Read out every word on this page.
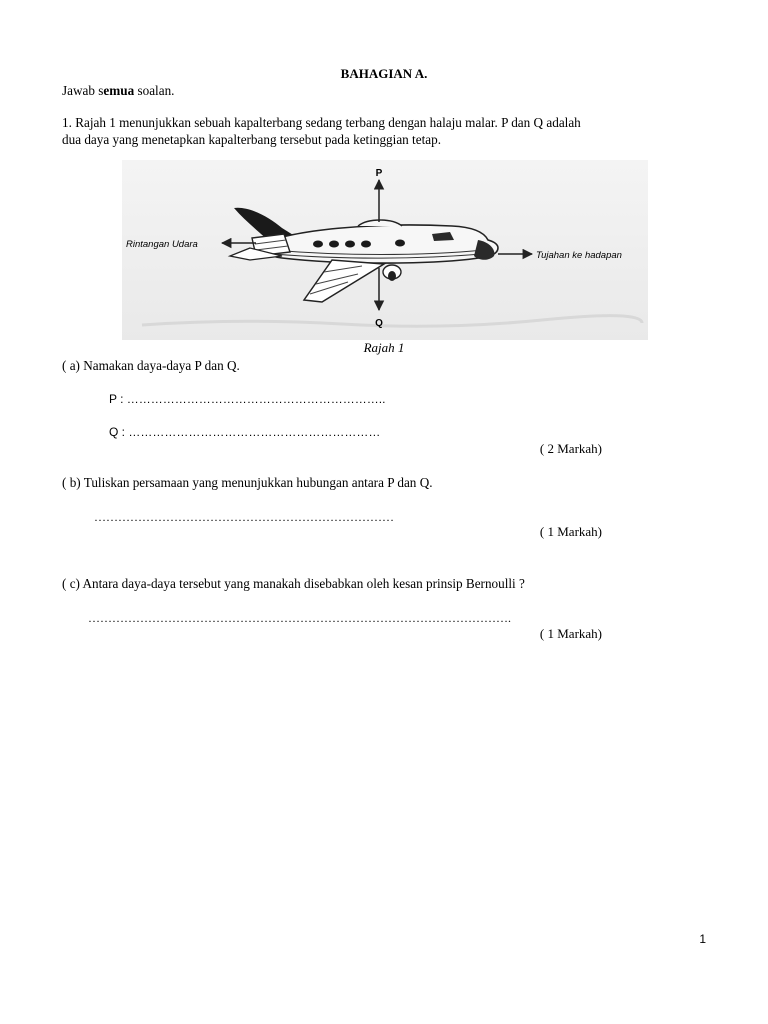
BAHAGIAN A.
Jawab semua soalan.
1. Rajah 1 menunjukkan sebuah kapalterbang sedang terbang dengan halaju malar. P dan Q adalah
dua daya yang menetapkan kapalterbang tersebut pada ketinggian tetap.
P
Q
Rintangan Udara
Tujahan ke hadapan
Rajah 1
( a) Namakan daya-daya P dan Q.
P : ………………………………………………………..
Q : ………………………………………………………
( 2 Markah)
( b) Tuliskan persamaan yang menunjukkan hubungan antara P dan Q.
…………………………………………………………………
( 1 Markah)
( c) Antara daya-daya tersebut yang manakah disebabkan oleh kesan prinsip Bernoulli ?
…………………………………………………………………………………………….
( 1 Markah)
1
